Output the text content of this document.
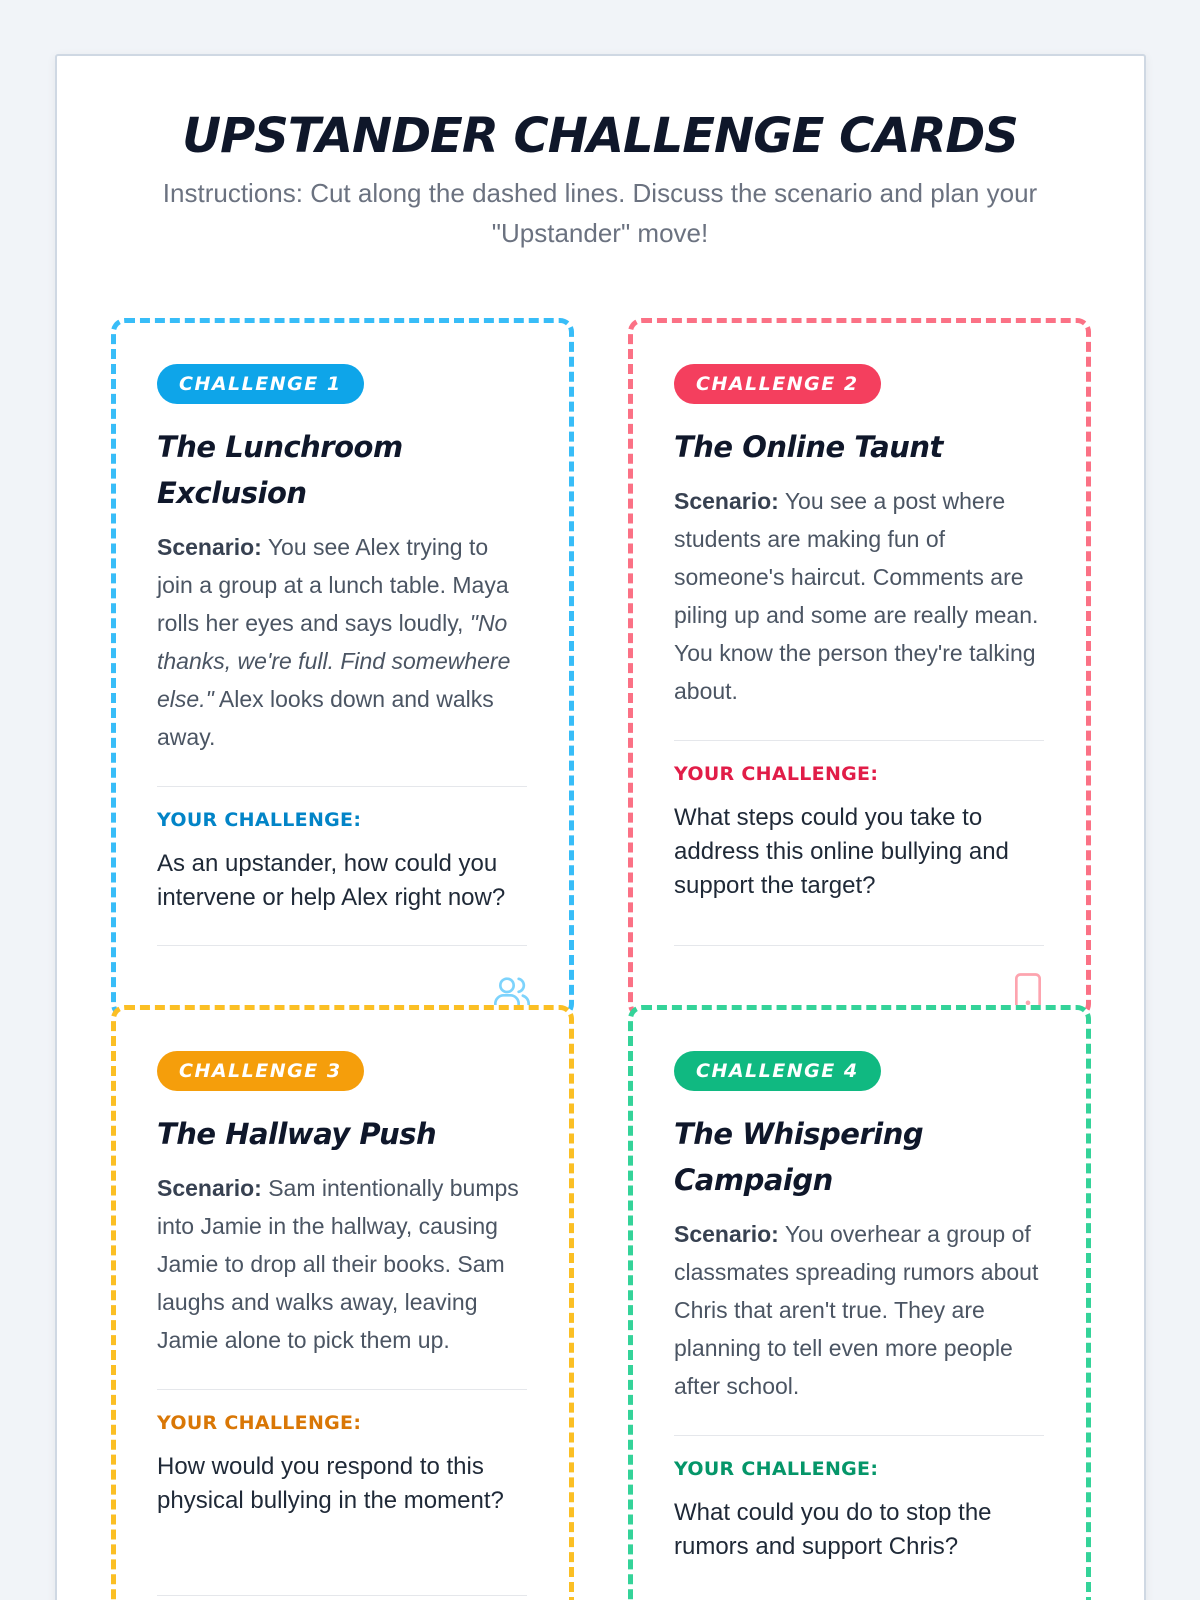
UPSTANDER CHALLENGE CARDS

Instructions: Cut along the dashed lines. Discuss the scenario and plan your "Upstander" move!

CHALLENGE 1
The Lunchroom Exclusion

Scenario: You see Alex trying to join a group at a lunch table. Maya rolls her eyes and says loudly, "No thanks, we're full. Find somewhere else." Alex looks down and walks away.

YOUR CHALLENGE:

As an upstander, how could you intervene or help Alex right now?

CHALLENGE 2
The Online Taunt

Scenario: You see a post where students are making fun of someone's haircut. Comments are piling up and some are really mean. You know the person they're talking about.

YOUR CHALLENGE:

What steps could you take to address this online bullying and support the target?

CHALLENGE 3
The Hallway Push

Scenario: Sam intentionally bumps into Jamie in the hallway, causing Jamie to drop all their books. Sam laughs and walks away, leaving Jamie alone to pick them up.

YOUR CHALLENGE:

How would you respond to this physical bullying in the moment?

CHALLENGE 4
The Whispering Campaign

Scenario: You overhear a group of classmates spreading rumors about Chris that aren't true. They are planning to tell even more people after school.

YOUR CHALLENGE:

What could you do to stop the rumors and support Chris?
